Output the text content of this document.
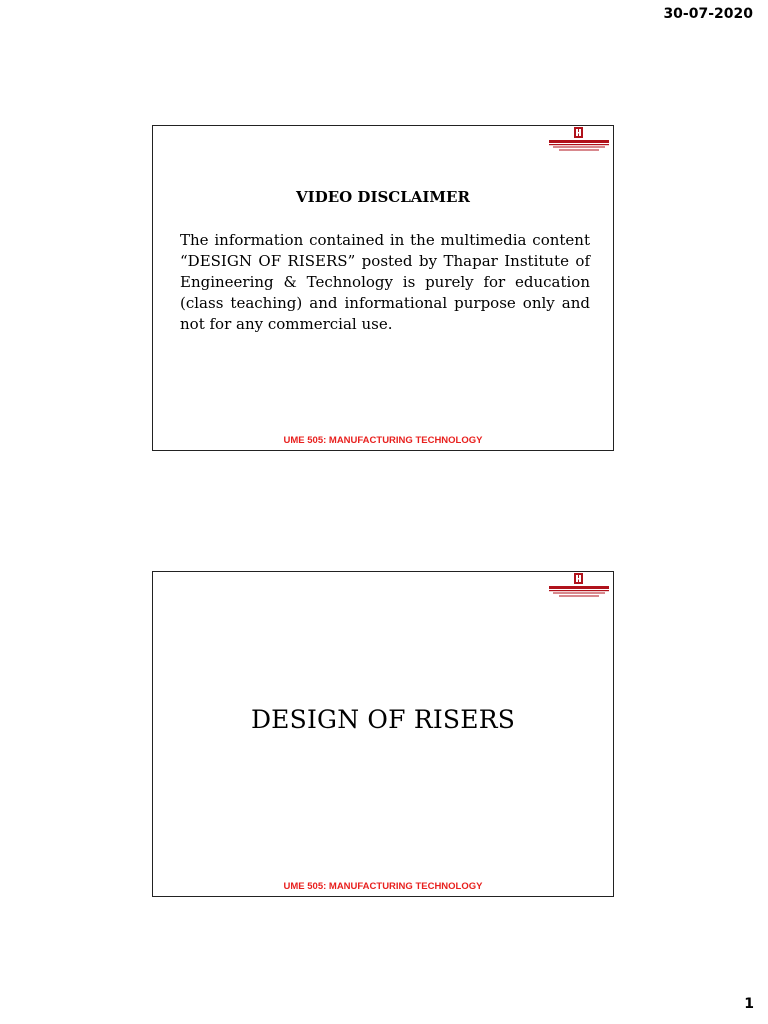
30-07-2020
VIDEO DISCLAIMER
The information contained in the multimedia content “DESIGN OF RISERS” posted by Thapar Institute of Engineering & Technology is purely for education (class teaching) and informational purpose only and not for any commercial use.
UME 505: MANUFACTURING TECHNOLOGY
DESIGN OF RISERS
UME 505: MANUFACTURING TECHNOLOGY
1
